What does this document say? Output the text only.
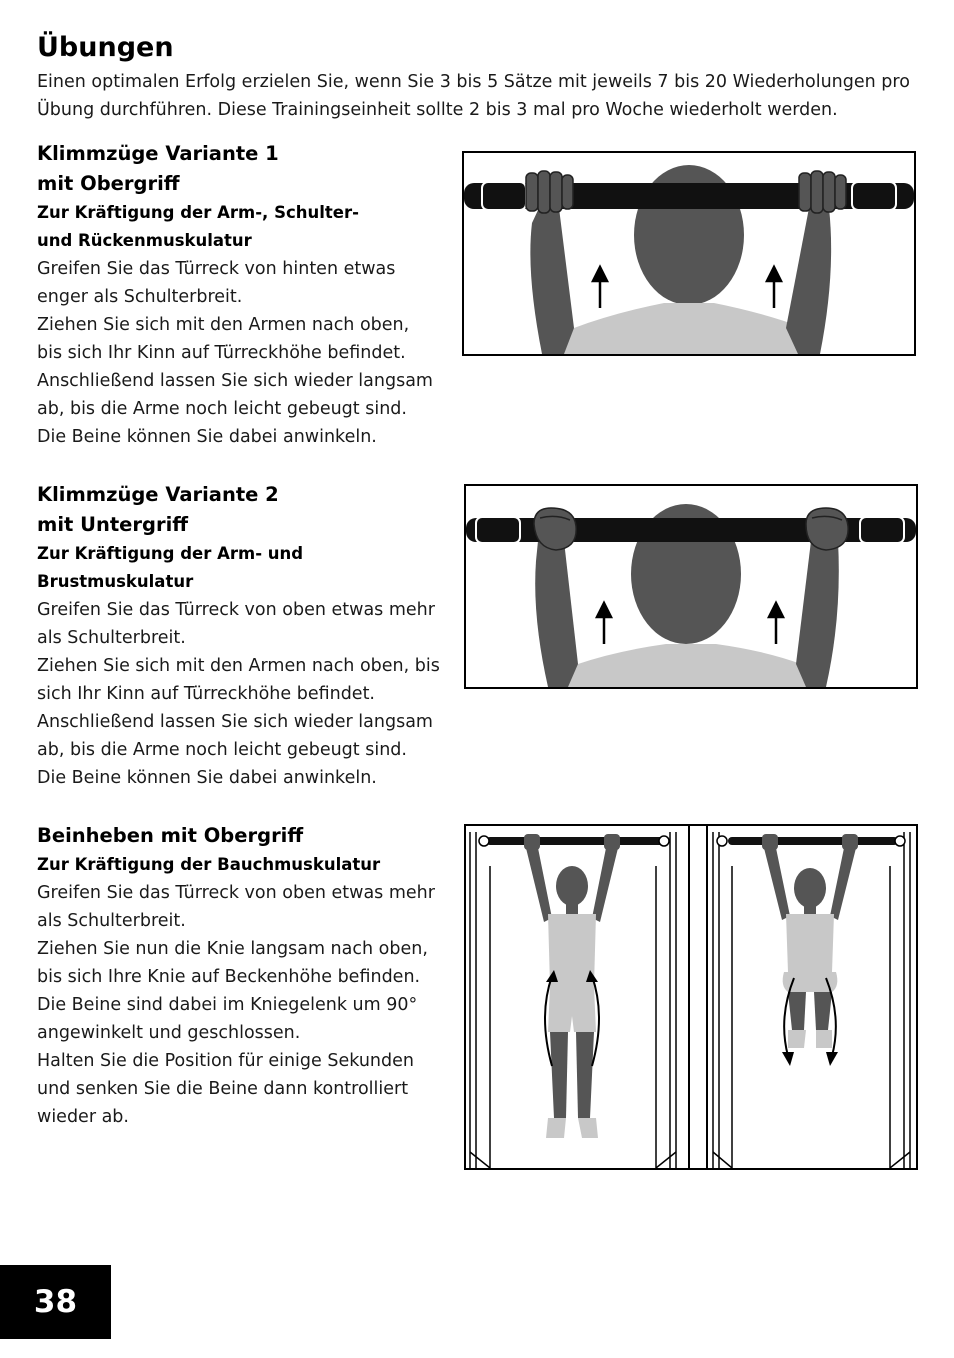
Übungen

Einen optimalen Erfolg erzielen Sie, wenn Sie 3 bis 5 Sätze mit jeweils 7 bis 20 Wiederholungen pro Übung durchführen. Diese Trainingseinheit sollte 2 bis 3 mal pro Woche wiederholt werden.

Klimmzüge Variante 1
mit Obergriff
Zur Kräftigung der Arm-, Schulter-
und Rückenmuskulatur

Greifen Sie das Türreck von hinten etwas
enger als Schulterbreit.
Ziehen Sie sich mit den Armen nach oben,
bis sich Ihr Kinn auf Türreckhöhe befindet.
Anschließend lassen Sie sich wieder langsam
ab, bis die Arme noch leicht gebeugt sind.
Die Beine können Sie dabei anwinkeln.

Klimmzüge Variante 2
mit Untergriff
Zur Kräftigung der Arm- und
Brustmuskulatur

Greifen Sie das Türreck von oben etwas mehr
als Schulterbreit.
Ziehen Sie sich mit den Armen nach oben, bis
sich Ihr Kinn auf Türreckhöhe befindet.
Anschließend lassen Sie sich wieder langsam
ab, bis die Arme noch leicht gebeugt sind.
Die Beine können Sie dabei anwinkeln.

Beinheben mit Obergriff
Zur Kräftigung der Bauchmuskulatur

Greifen Sie das Türreck von oben etwas mehr
als Schulterbreit.
Ziehen Sie nun die Knie langsam nach oben,
bis sich Ihre Knie auf Beckenhöhe befinden.
Die Beine sind dabei im Kniegelenk um 90°
angewinkelt und geschlossen.
Halten Sie die Position für einige Sekunden
und senken Sie die Beine dann kontrolliert
wieder ab.

38
